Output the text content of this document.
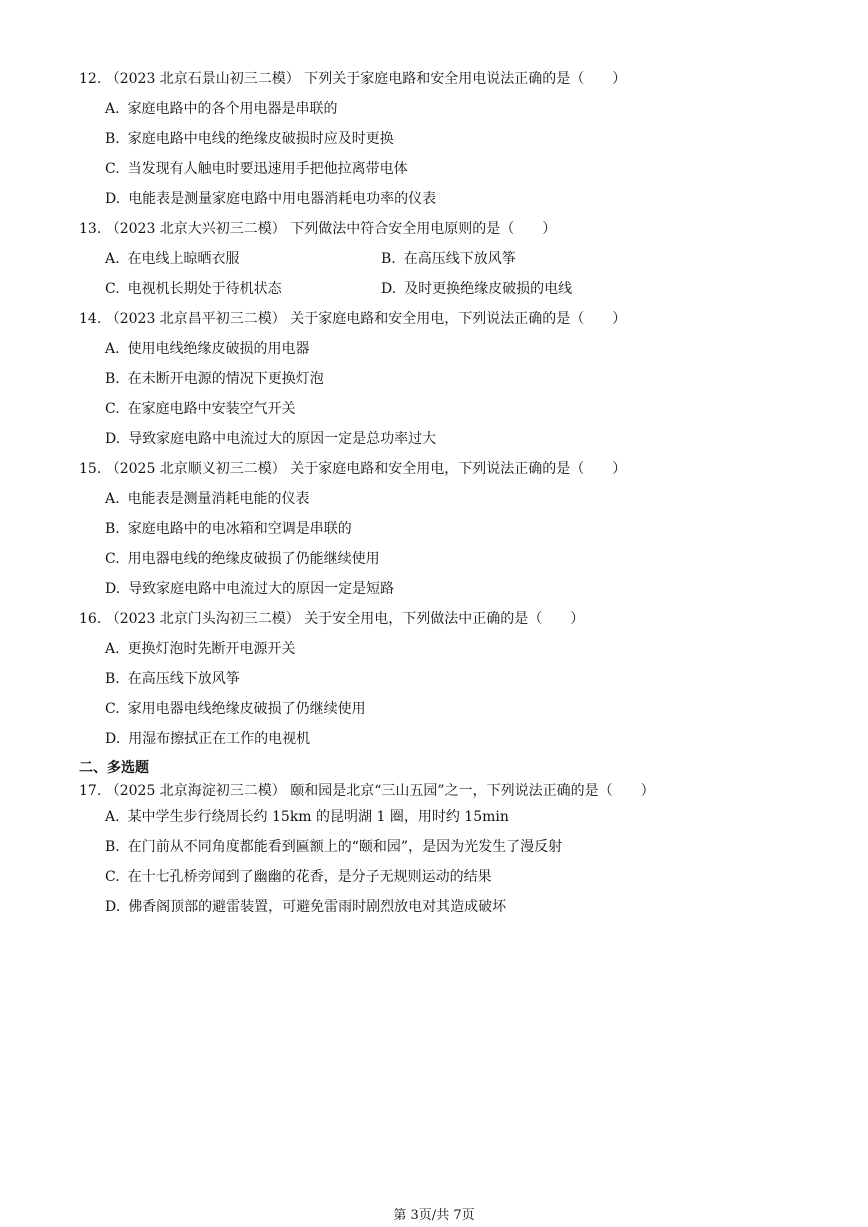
12. （2023 北京石景山初三二模） 下列关于家庭电路和安全用电说法正确的是（　　）
A. 家庭电路中的各个用电器是串联的
B. 家庭电路中电线的绝缘皮破损时应及时更换
C. 当发现有人触电时要迅速用手把他拉离带电体
D. 电能表是测量家庭电路中用电器消耗电功率的仪表
13. （2023 北京大兴初三二模） 下列做法中符合安全用电原则的是（　　）
A. 在电线上晾晒衣服	B. 在高压线下放风筝
C. 电视机长期处于待机状态	D. 及时更换绝缘皮破损的电线
14. （2023 北京昌平初三二模） 关于家庭电路和安全用电，下列说法正确的是（　　）
A. 使用电线绝缘皮破损的用电器
B. 在未断开电源的情况下更换灯泡
C. 在家庭电路中安装空气开关
D. 导致家庭电路中电流过大的原因一定是总功率过大
15. （2025 北京顺义初三二模） 关于家庭电路和安全用电，下列说法正确的是（　　）
A. 电能表是测量消耗电能的仪表
B. 家庭电路中的电冰箱和空调是串联的
C. 用电器电线的绝缘皮破损了仍能继续使用
D. 导致家庭电路中电流过大的原因一定是短路
16. （2023 北京门头沟初三二模） 关于安全用电，下列做法中正确的是（　　）
A. 更换灯泡时先断开电源开关
B. 在高压线下放风筝
C. 家用电器电线绝缘皮破损了仍继续使用
D. 用湿布擦拭正在工作的电视机
二、多选题
17. （2025 北京海淀初三二模） 颐和园是北京“三山五园”之一，下列说法正确的是（　　）
A. 某中学生步行绕周长约 15km 的昆明湖 1 圈，用时约 15min
B. 在门前从不同角度都能看到匾额上的“颐和园”，是因为光发生了漫反射
C. 在十七孔桥旁闻到了幽幽的花香，是分子无规则运动的结果
D. 佛香阁顶部的避雷装置，可避免雷雨时剧烈放电对其造成破坏
第 3页/共 7页
